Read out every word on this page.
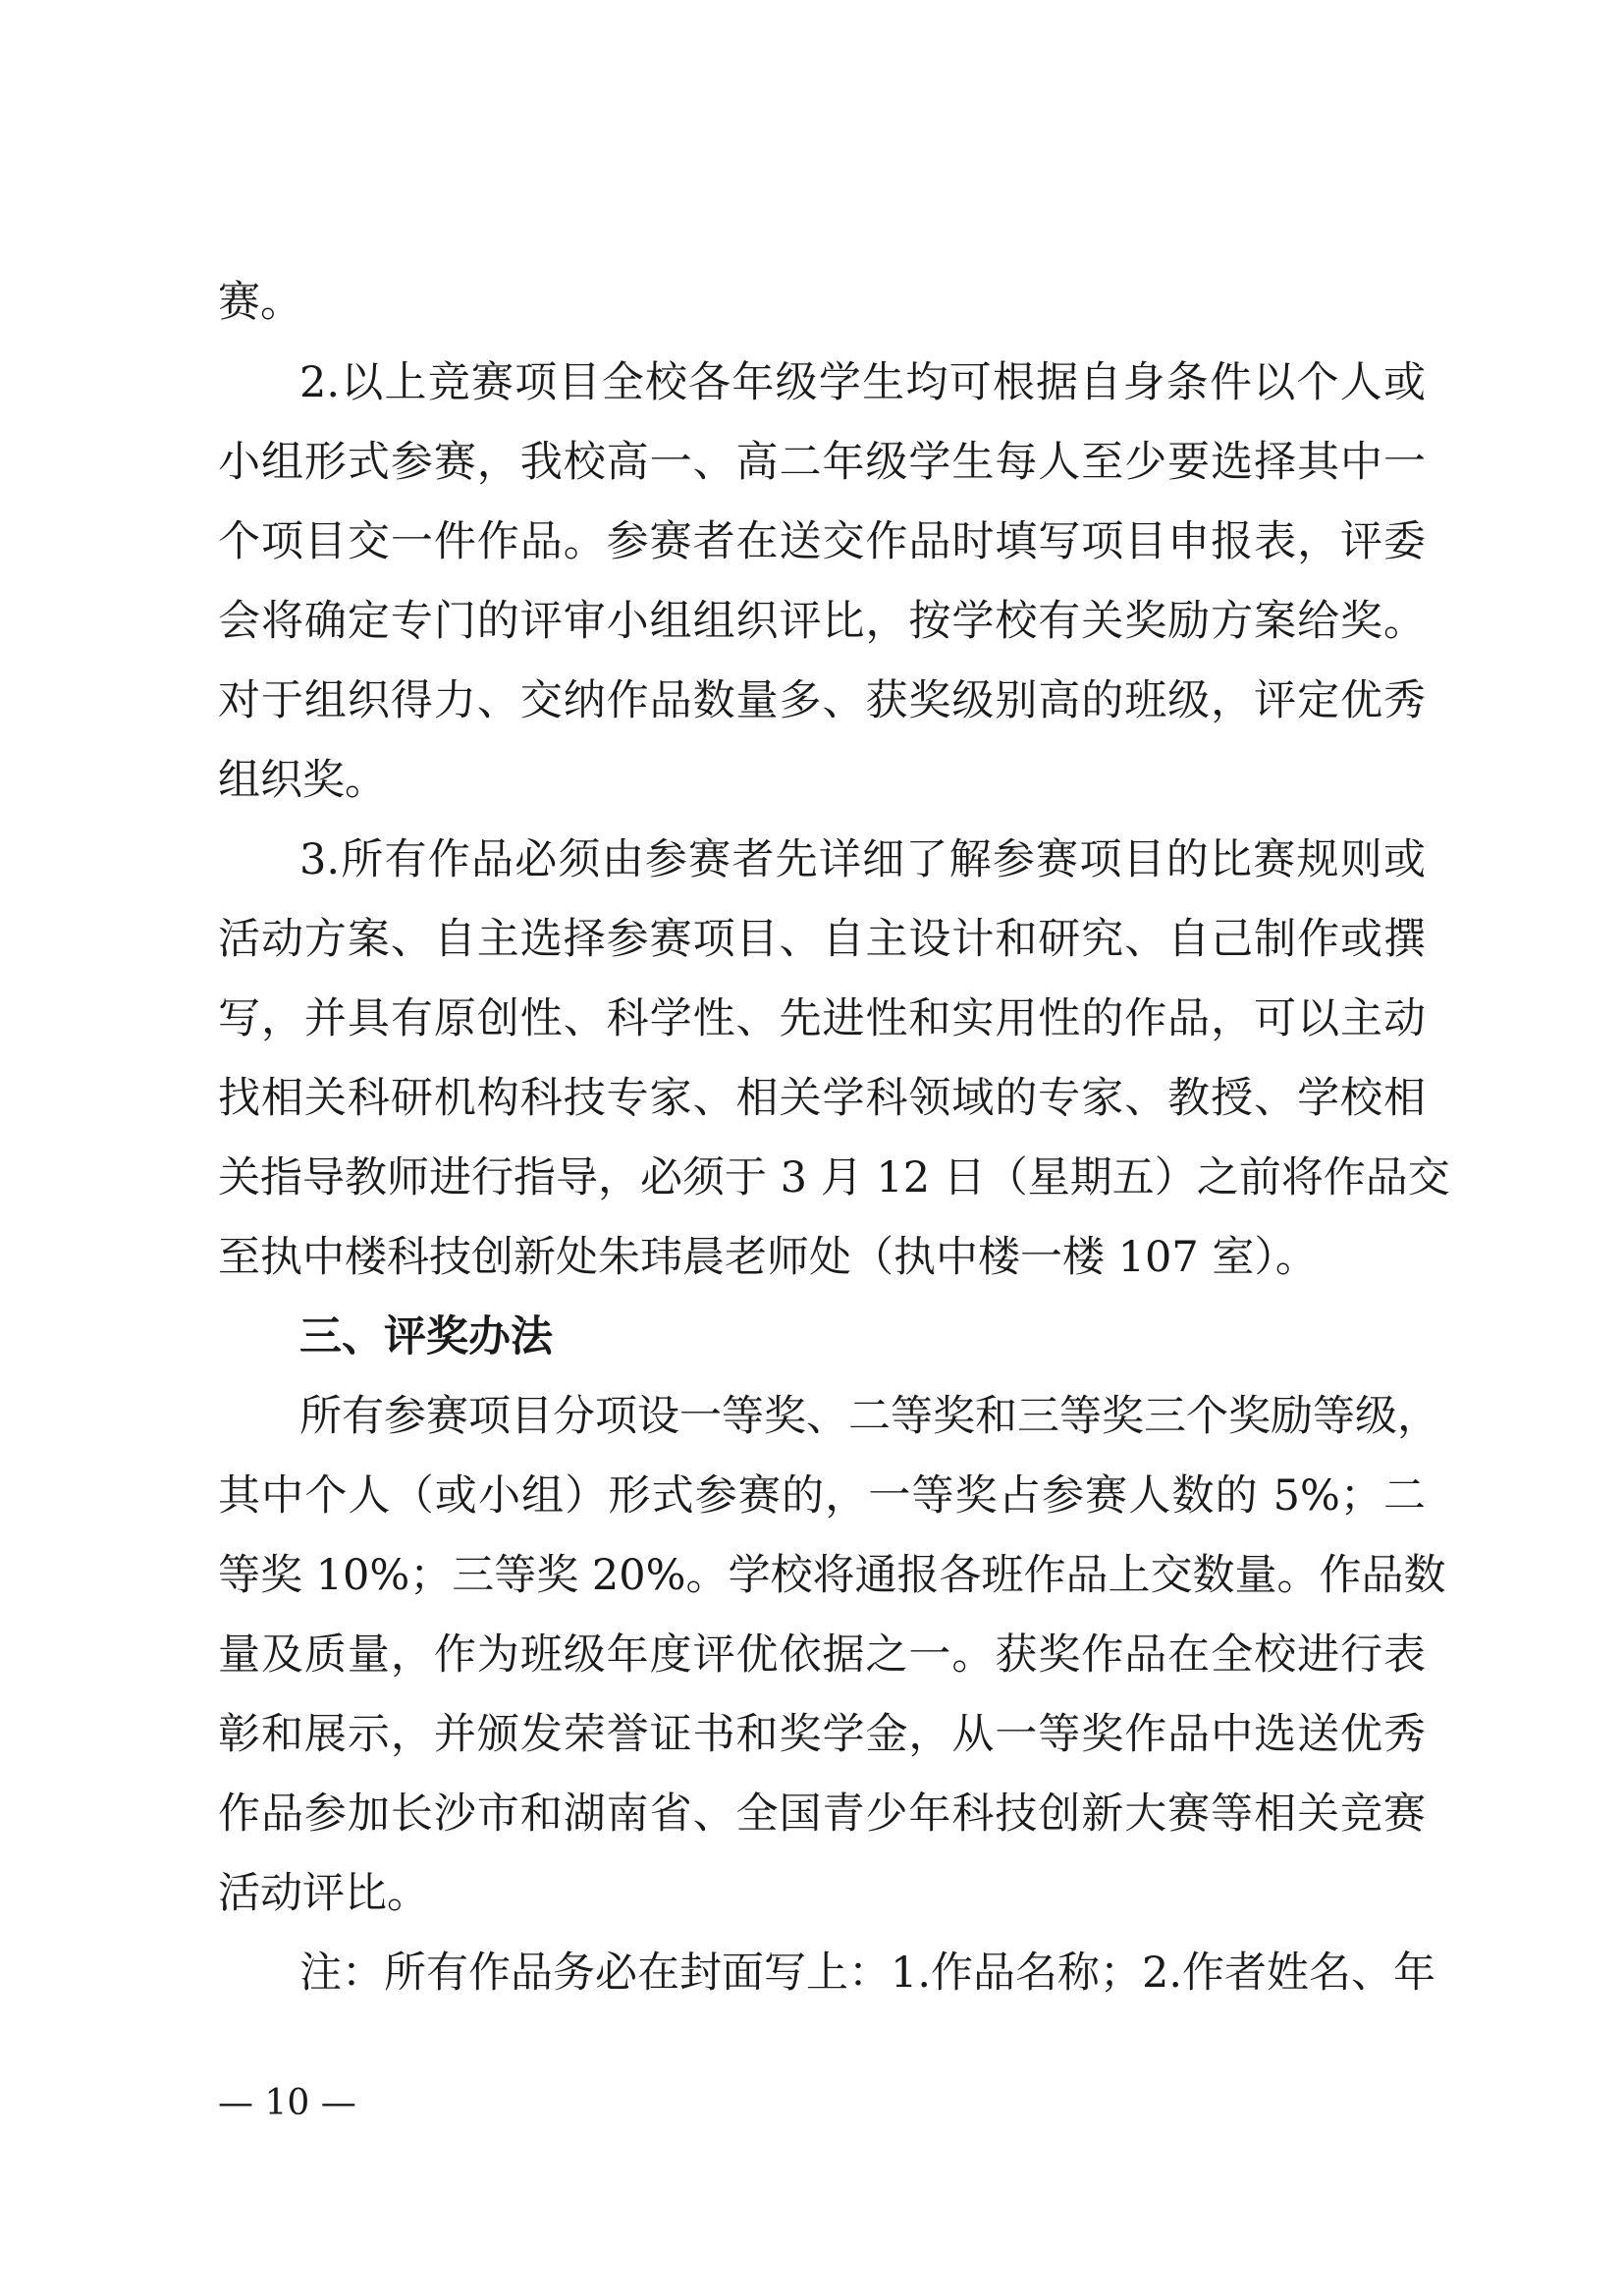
赛。
2.以上竞赛项目全校各年级学生均可根据自身条件以个人或
小组形式参赛，我校高一、高二年级学生每人至少要选择其中一
个项目交一件作品。参赛者在送交作品时填写项目申报表，评委
会将确定专门的评审小组组织评比，按学校有关奖励方案给奖。
对于组织得力、交纳作品数量多、获奖级别高的班级，评定优秀
组织奖。
3.所有作品必须由参赛者先详细了解参赛项目的比赛规则或
活动方案、自主选择参赛项目、自主设计和研究、自己制作或撰
写，并具有原创性、科学性、先进性和实用性的作品，可以主动
找相关科研机构科技专家、相关学科领域的专家、教授、学校相
关指导教师进行指导，必须于 3 月 12 日（星期五）之前将作品交
至执中楼科技创新处朱玮晨老师处（执中楼一楼 107 室）。
三、评奖办法
所有参赛项目分项设一等奖、二等奖和三等奖三个奖励等级，
其中个人（或小组）形式参赛的，一等奖占参赛人数的 5%；二
等奖 10%；三等奖 20%。学校将通报各班作品上交数量。作品数
量及质量，作为班级年度评优依据之一。获奖作品在全校进行表
彰和展示，并颁发荣誉证书和奖学金，从一等奖作品中选送优秀
作品参加长沙市和湖南省、全国青少年科技创新大赛等相关竞赛
活动评比。
注：所有作品务必在封面写上：1.作品名称；2.作者姓名、年
— 10 —
